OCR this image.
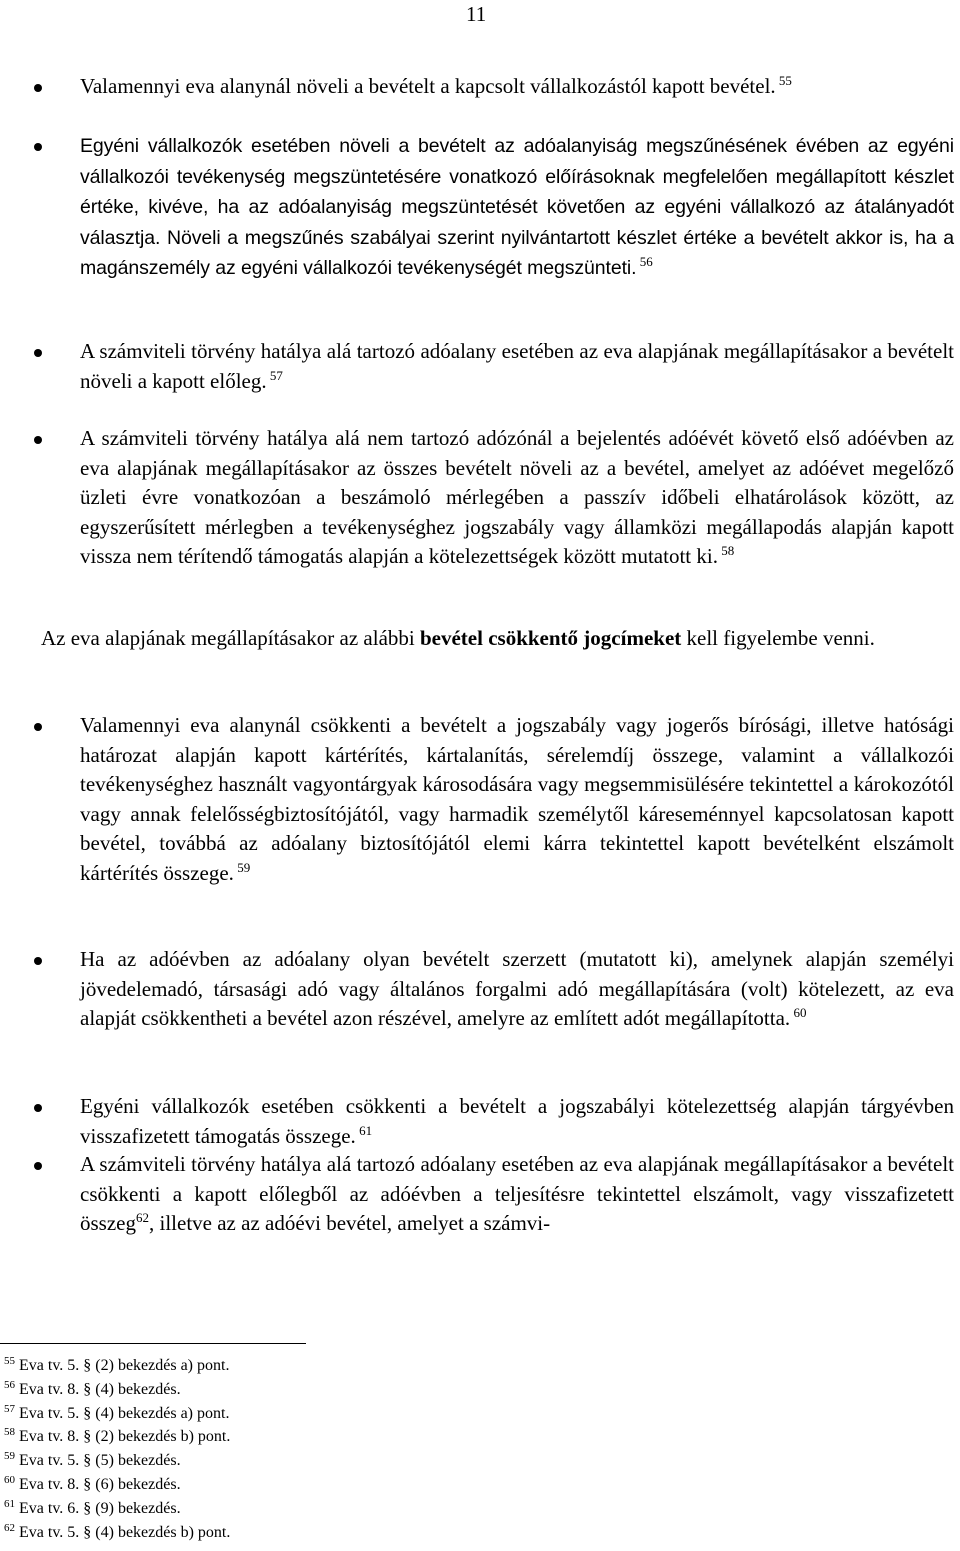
11
Valamennyi eva alanynál növeli a bevételt a kapcsolt vállalkozástól kapott bevétel. $^{55}$
Egyéni vállalkozók esetében növeli a bevételt az adóalanyiság megszűnésének évében az egyéni vállalkozói tevékenység megszüntetésére vonatkozó előírásoknak megfelelően megállapított készlet értéke, kivéve, ha az adóalanyiság megszüntetését követően az egyéni vállalkozó az átalányadót választja. Növeli a megszűnés szabályai szerint nyilvántartott készlet értéke a bevételt akkor is, ha a magánszemély az egyéni vállalkozói tevékenységét megszünteti. $^{56}$
A számviteli törvény hatálya alá tartozó adóalany esetében az eva alapjának megállapításakor a bevételt növeli a kapott előleg. $^{57}$
A számviteli törvény hatálya alá nem tartozó adózónál a bejelentés adóévét követő első adóévben az eva alapjának megállapításakor az összes bevételt növeli az a bevétel, amelyet az adóévet megelőző üzleti évre vonatkozóan a beszámoló mérlegében a passzív időbeli elhatárolások között, az egyszerűsített mérlegben a tevékenységhez jogszabály vagy államközi megállapodás alapján kapott vissza nem térítendő támogatás alapján a kötelezettségek között mutatott ki. $^{58}$

Az eva alapjának megállapításakor az alábbi bevétel csökkentő jogcímeket kell figyelembe venni.

Valamennyi eva alanynál csökkenti a bevételt a jogszabály vagy jogerős bírósági, illetve hatósági határozat alapján kapott kártérítés, kártalanítás, sérelemdíj összege, valamint a vállalkozói tevékenységhez használt vagyontárgyak károsodására vagy megsemmisülésére tekintettel a károkozótól vagy annak felelősségbiztosítójától, vagy harmadik személytől káreseménnyel kapcsolatosan kapott bevétel, továbbá az adóalany biztosítójától elemi kárra tekintettel kapott bevételként elszámolt kártérítés összege. $^{59}$
Ha az adóévben az adóalany olyan bevételt szerzett (mutatott ki), amelynek alapján személyi jövedelemadó, társasági adó vagy általános forgalmi adó megállapítására (volt) kötelezett, az eva alapját csökkentheti a bevétel azon részével, amelyre az említett adót megállapította. $^{60}$
Egyéni vállalkozók esetében csökkenti a bevételt a jogszabályi kötelezettség alapján tárgyévben visszafizetett támogatás összege. $^{61}$
A számviteli törvény hatálya alá tartozó adóalany esetében az eva alapjának megállapításakor a bevételt csökkenti a kapott előlegből az adóévben a teljesítésre tekintettel elszámolt, vagy visszafizetett összeg$^{62}$, illetve az az adóévi bevétel, amelyet a számvi-
$^{55}$ Eva tv. 5. § (2) bekezdés a) pont.
$^{56}$ Eva tv. 8. § (4) bekezdés.
$^{57}$ Eva tv. 5. § (4) bekezdés a) pont.
$^{58}$ Eva tv. 8. § (2) bekezdés b) pont.
$^{59}$ Eva tv. 5. § (5) bekezdés.
$^{60}$ Eva tv. 8. § (6) bekezdés.
$^{61}$ Eva tv. 6. § (9) bekezdés.
$^{62}$ Eva tv. 5. § (4) bekezdés b) pont.
